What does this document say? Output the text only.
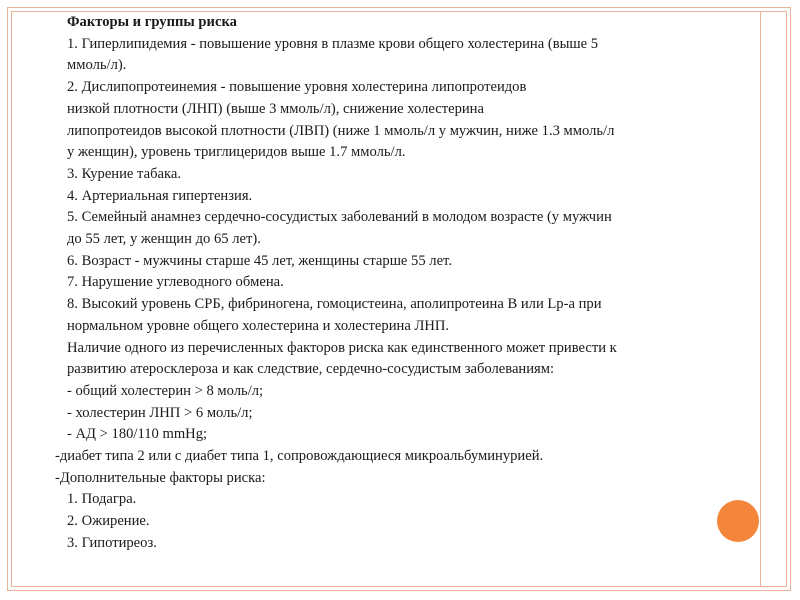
Факторы и группы риска
1. Гиперлипидемия - повышение уровня в плазме крови общего холестерина (выше 5
ммоль/л).
2. Дислипопротеинемия - повышение уровня холестерина липопротеидов
низкой плотности (ЛНП) (выше 3 ммоль/л), снижение холестерина
липопротеидов высокой плотности (ЛВП) (ниже 1 ммоль/л у мужчин, ниже 1.3 ммоль/л
у женщин), уровень триглицеридов выше 1.7 ммоль/л.
3. Курение табака.
4. Артериальная гипертензия.
5. Семейный анамнез сердечно-сосудистых заболеваний в молодом возрасте (у мужчин
до 55 лет, у женщин до 65 лет).
6. Возраст - мужчины старше 45 лет, женщины старше 55 лет.
7. Нарушение углеводного обмена.
8. Высокий уровень СРБ, фибриногена, гомоцистеина, аполипротеина В или Lp-a при
нормальном уровне общего холестерина и холестерина ЛНП.
Наличие одного из перечисленных факторов риска как единственного может привести к
развитию атеросклероза и как следствие, сердечно-сосудистым заболеваниям:
- общий холестерин > 8 моль/л;
- холестерин ЛНП > 6 моль/л;
- АД > 180/110 mmHg;
-диабет типа 2 или с диабет типа 1, сопровождающиеся микроальбуминурией.
-Дополнительные факторы риска:
1. Подагра.
2. Ожирение.
3. Гипотиреоз.
